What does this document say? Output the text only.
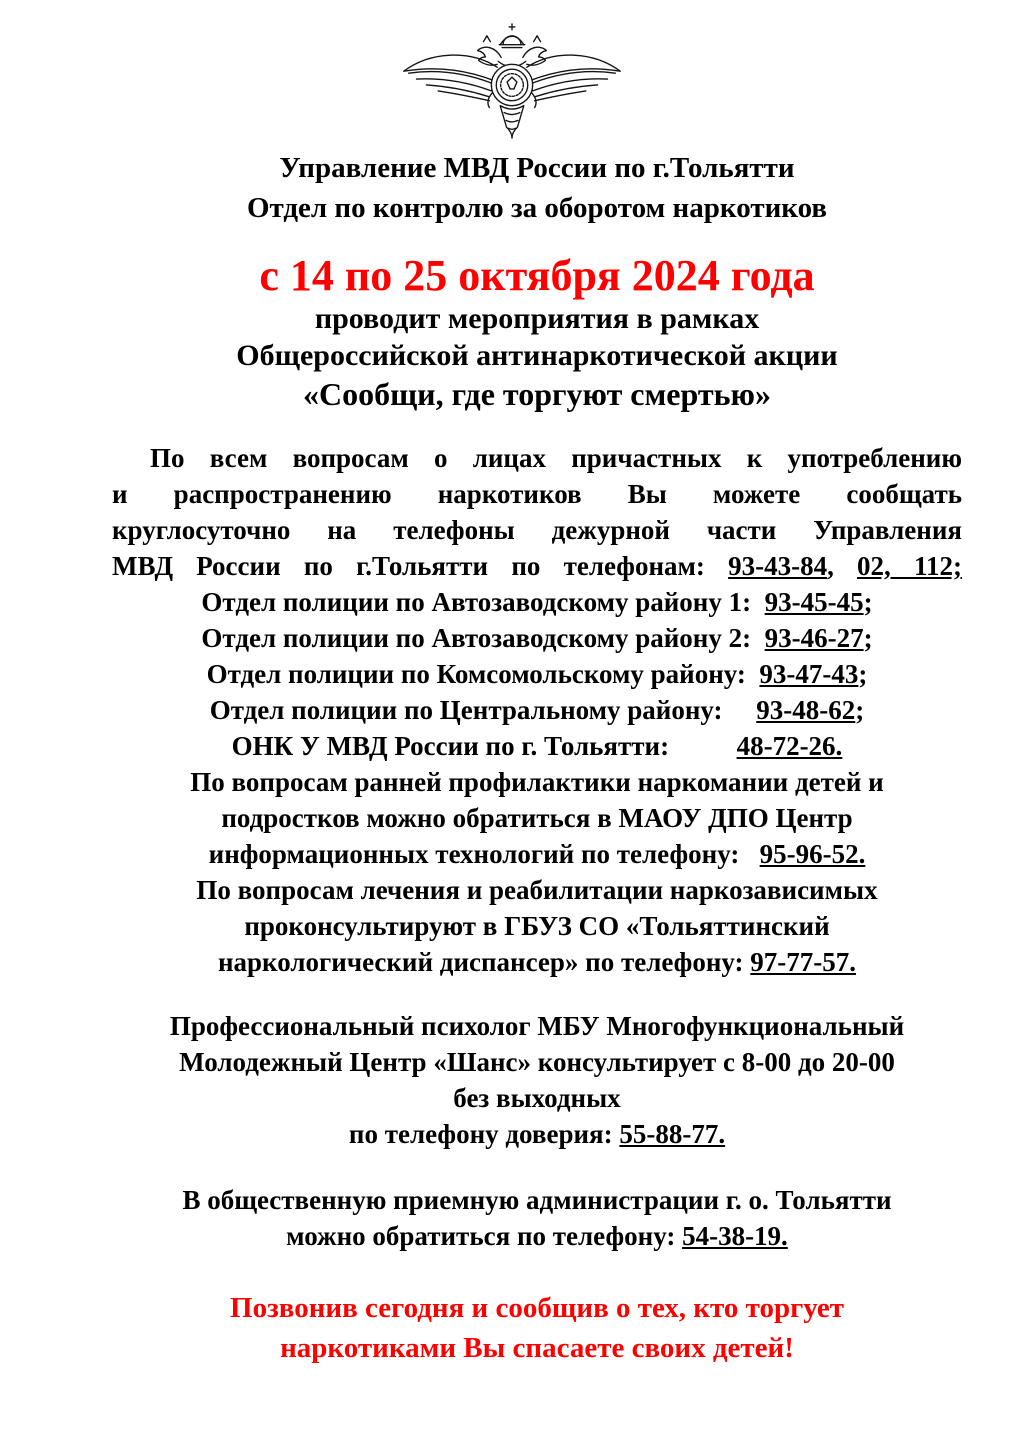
Управление МВД России по г.Тольятти
Отдел по контролю за оборотом наркотиков
с 14 по 25 октября 2024 года
проводит мероприятия в рамках
Общероссийской антинаркотической акции
«Сообщи, где торгуют смертью»
По всем вопросам о лицах причастных к употреблению
и распространению наркотиков Вы можете сообщать
круглосуточно на телефоны дежурной части Управления
МВД России по г.Тольятти по телефонам: 93-43-84, 02, 112;
Отдел полиции по Автозаводскому району 1:  93-45-45;
Отдел полиции по Автозаводскому району 2:  93-46-27;
Отдел полиции по Комсомольскому району:  93-47-43;
Отдел полиции по Центральному району:     93-48-62;
ОНК У МВД России по г. Тольятти:          48-72-26.
По вопросам ранней профилактики наркомании детей и
подростков можно обратиться в МАОУ ДПО Центр
информационных технологий по телефону:   95-96-52.
По вопросам лечения и реабилитации наркозависимых
проконсультируют в ГБУЗ СО «Тольяттинский
наркологический диспансер» по телефону: 97-77-57.
Профессиональный психолог МБУ Многофункциональный
Молодежный Центр «Шанс» консультирует с 8-00 до 20-00
без выходных
по телефону доверия: 55-88-77.
В общественную приемную администрации г. о. Тольятти
можно обратиться по телефону: 54-38-19.
Позвонив сегодня и сообщив о тех, кто торгует
наркотиками Вы спасаете своих детей!
